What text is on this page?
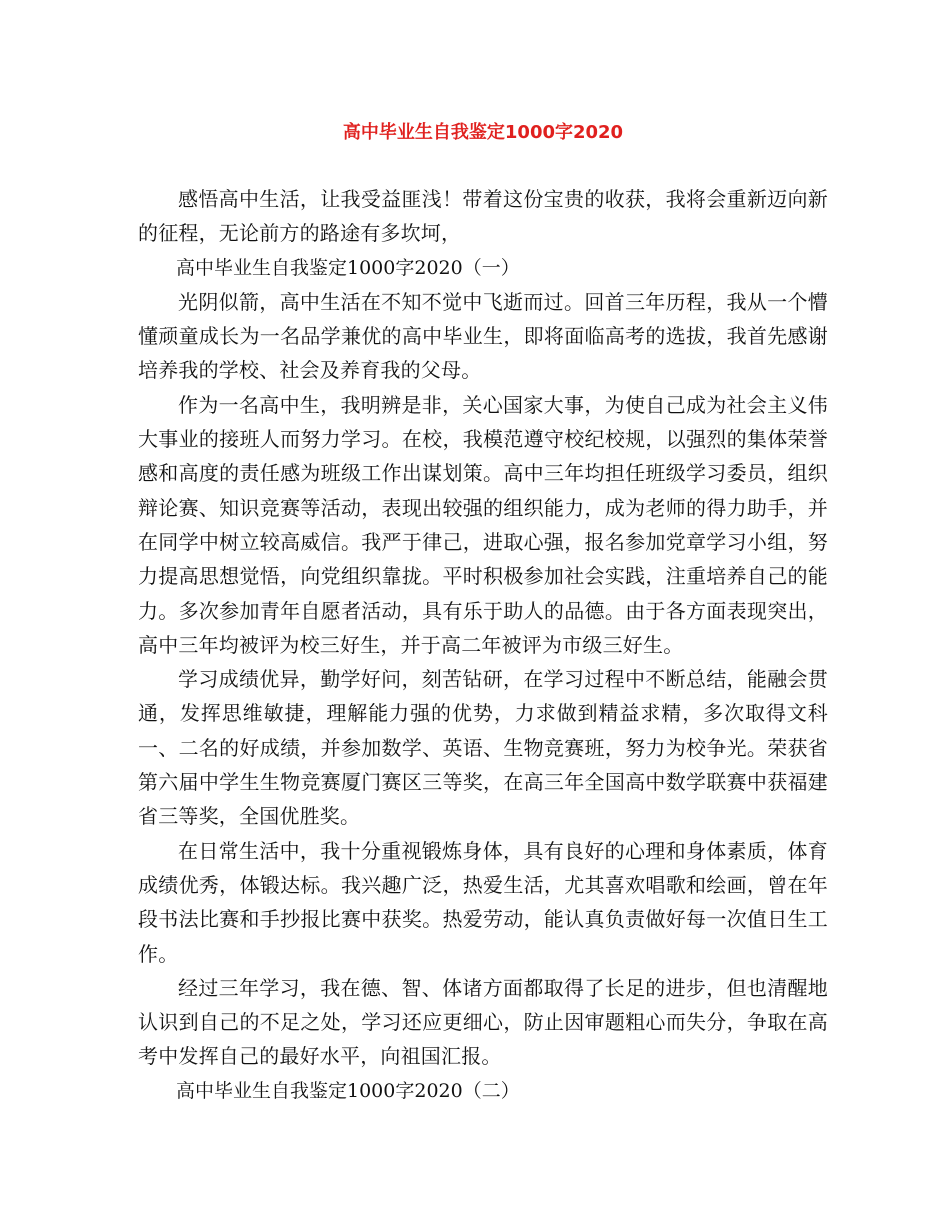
高中毕业生自我鉴定1000字2020

感悟高中生活，让我受益匪浅！带着这份宝贵的收获，我将会重新迈向新的征程，无论前方的路途有多坎坷，

高中毕业生自我鉴定1000字2020（一）

光阴似箭，高中生活在不知不觉中飞逝而过。回首三年历程，我从一个懵懂顽童成长为一名品学兼优的高中毕业生，即将面临高考的选拔，我首先感谢培养我的学校、社会及养育我的父母。

作为一名高中生，我明辨是非，关心国家大事，为使自己成为社会主义伟大事业的接班人而努力学习。在校，我模范遵守校纪校规，以强烈的集体荣誉感和高度的责任感为班级工作出谋划策。高中三年均担任班级学习委员，组织辩论赛、知识竞赛等活动，表现出较强的组织能力，成为老师的得力助手，并在同学中树立较高威信。我严于律己，进取心强，报名参加党章学习小组，努力提高思想觉悟，向党组织靠拢。平时积极参加社会实践，注重培养自己的能力。多次参加青年自愿者活动，具有乐于助人的品德。由于各方面表现突出，高中三年均被评为校三好生，并于高二年被评为市级三好生。

学习成绩优异，勤学好问，刻苦钻研，在学习过程中不断总结，能融会贯通，发挥思维敏捷，理解能力强的优势，力求做到精益求精，多次取得文科一、二名的好成绩，并参加数学、英语、生物竞赛班，努力为校争光。荣获省第六届中学生生物竞赛厦门赛区三等奖，在高三年全国高中数学联赛中获福建省三等奖，全国优胜奖。

在日常生活中，我十分重视锻炼身体，具有良好的心理和身体素质，体育成绩优秀，体锻达标。我兴趣广泛，热爱生活，尤其喜欢唱歌和绘画，曾在年段书法比赛和手抄报比赛中获奖。热爱劳动，能认真负责做好每一次值日生工作。

经过三年学习，我在德、智、体诸方面都取得了长足的进步，但也清醒地认识到自己的不足之处，学习还应更细心，防止因审题粗心而失分，争取在高考中发挥自己的最好水平，向祖国汇报。

高中毕业生自我鉴定1000字2020（二）
